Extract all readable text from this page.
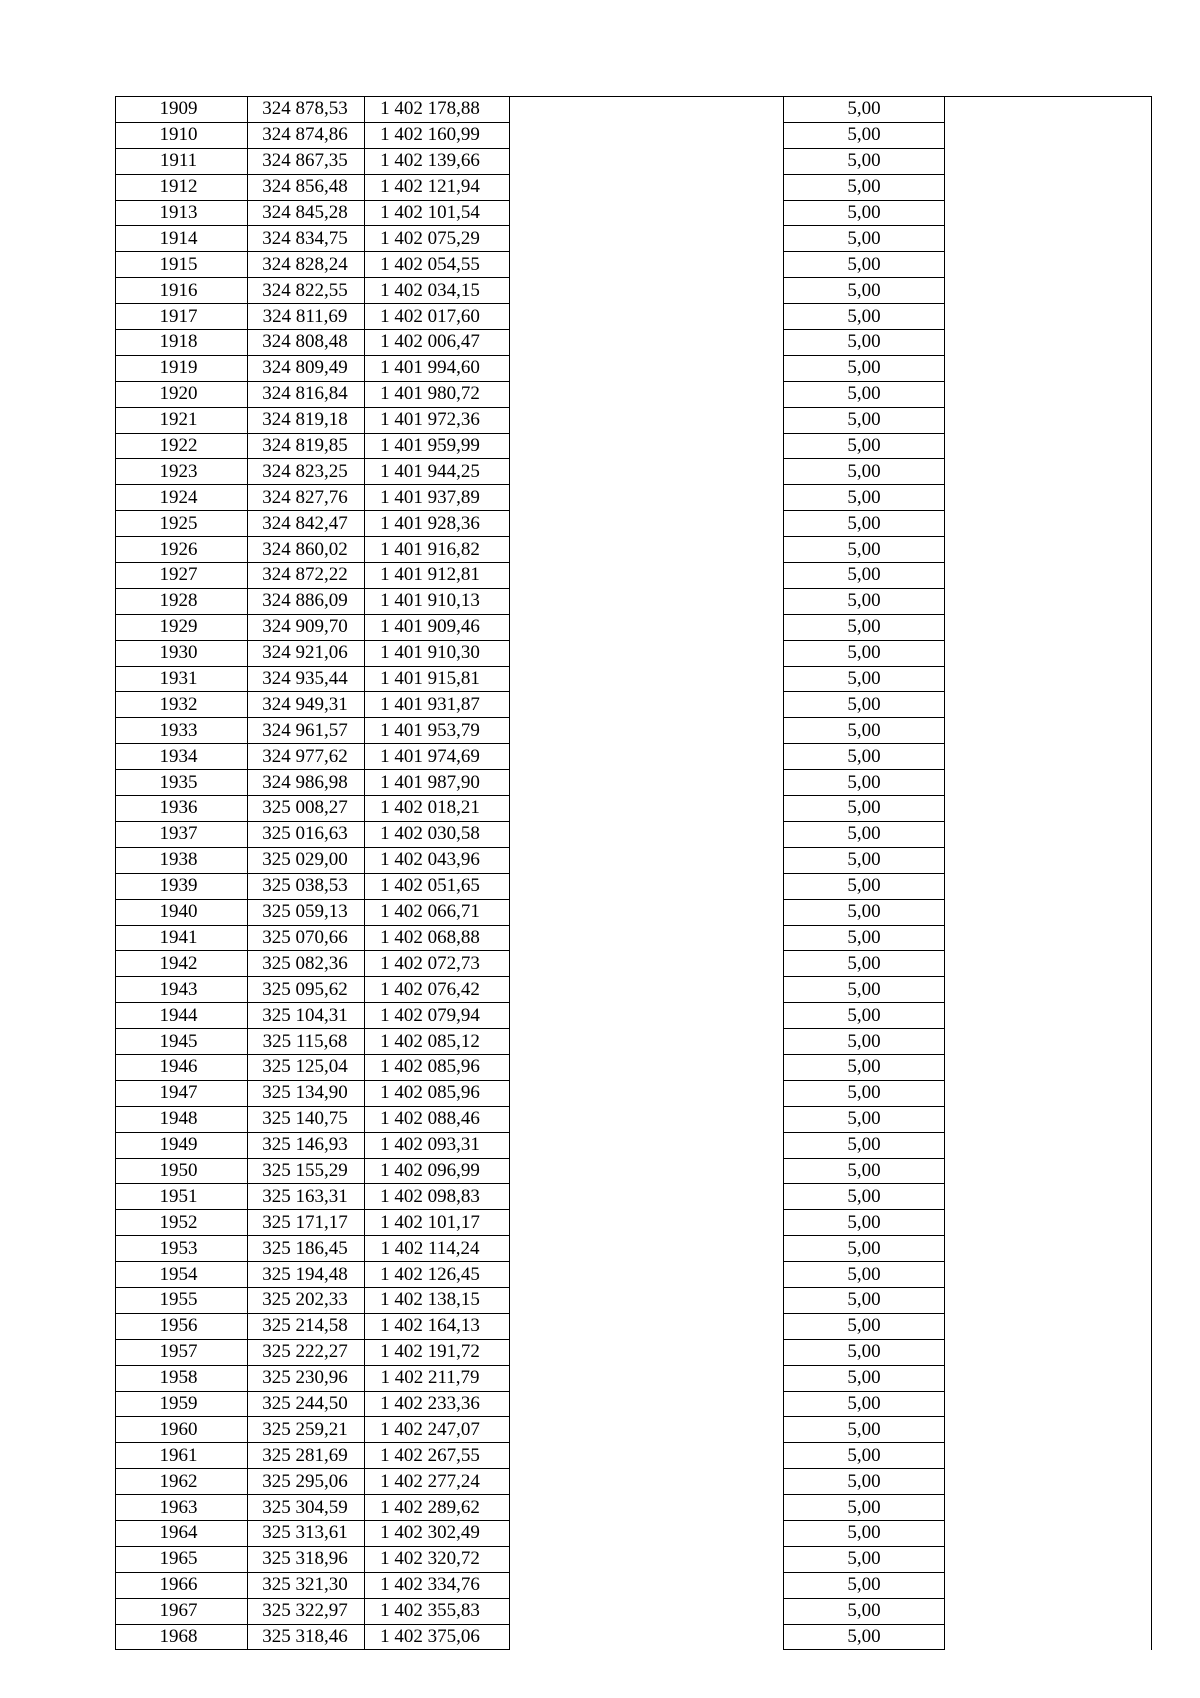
1909	324 878,53	1 402 178,88		5,00	
1910	324 874,86	1 402 160,99		5,00	
1911	324 867,35	1 402 139,66		5,00	
1912	324 856,48	1 402 121,94		5,00	
1913	324 845,28	1 402 101,54		5,00	
1914	324 834,75	1 402 075,29		5,00	
1915	324 828,24	1 402 054,55		5,00	
1916	324 822,55	1 402 034,15		5,00	
1917	324 811,69	1 402 017,60		5,00	
1918	324 808,48	1 402 006,47		5,00	
1919	324 809,49	1 401 994,60		5,00	
1920	324 816,84	1 401 980,72		5,00	
1921	324 819,18	1 401 972,36		5,00	
1922	324 819,85	1 401 959,99		5,00	
1923	324 823,25	1 401 944,25		5,00	
1924	324 827,76	1 401 937,89		5,00	
1925	324 842,47	1 401 928,36		5,00	
1926	324 860,02	1 401 916,82		5,00	
1927	324 872,22	1 401 912,81		5,00	
1928	324 886,09	1 401 910,13		5,00	
1929	324 909,70	1 401 909,46		5,00	
1930	324 921,06	1 401 910,30		5,00	
1931	324 935,44	1 401 915,81		5,00	
1932	324 949,31	1 401 931,87		5,00	
1933	324 961,57	1 401 953,79		5,00	
1934	324 977,62	1 401 974,69		5,00	
1935	324 986,98	1 401 987,90		5,00	
1936	325 008,27	1 402 018,21		5,00	
1937	325 016,63	1 402 030,58		5,00	
1938	325 029,00	1 402 043,96		5,00	
1939	325 038,53	1 402 051,65		5,00	
1940	325 059,13	1 402 066,71		5,00	
1941	325 070,66	1 402 068,88		5,00	
1942	325 082,36	1 402 072,73		5,00	
1943	325 095,62	1 402 076,42		5,00	
1944	325 104,31	1 402 079,94		5,00	
1945	325 115,68	1 402 085,12		5,00	
1946	325 125,04	1 402 085,96		5,00	
1947	325 134,90	1 402 085,96		5,00	
1948	325 140,75	1 402 088,46		5,00	
1949	325 146,93	1 402 093,31		5,00	
1950	325 155,29	1 402 096,99		5,00	
1951	325 163,31	1 402 098,83		5,00	
1952	325 171,17	1 402 101,17		5,00	
1953	325 186,45	1 402 114,24		5,00	
1954	325 194,48	1 402 126,45		5,00	
1955	325 202,33	1 402 138,15		5,00	
1956	325 214,58	1 402 164,13		5,00	
1957	325 222,27	1 402 191,72		5,00	
1958	325 230,96	1 402 211,79		5,00	
1959	325 244,50	1 402 233,36		5,00	
1960	325 259,21	1 402 247,07		5,00	
1961	325 281,69	1 402 267,55		5,00	
1962	325 295,06	1 402 277,24		5,00	
1963	325 304,59	1 402 289,62		5,00	
1964	325 313,61	1 402 302,49		5,00	
1965	325 318,96	1 402 320,72		5,00	
1966	325 321,30	1 402 334,76		5,00	
1967	325 322,97	1 402 355,83		5,00	
1968	325 318,46	1 402 375,06		5,00	
